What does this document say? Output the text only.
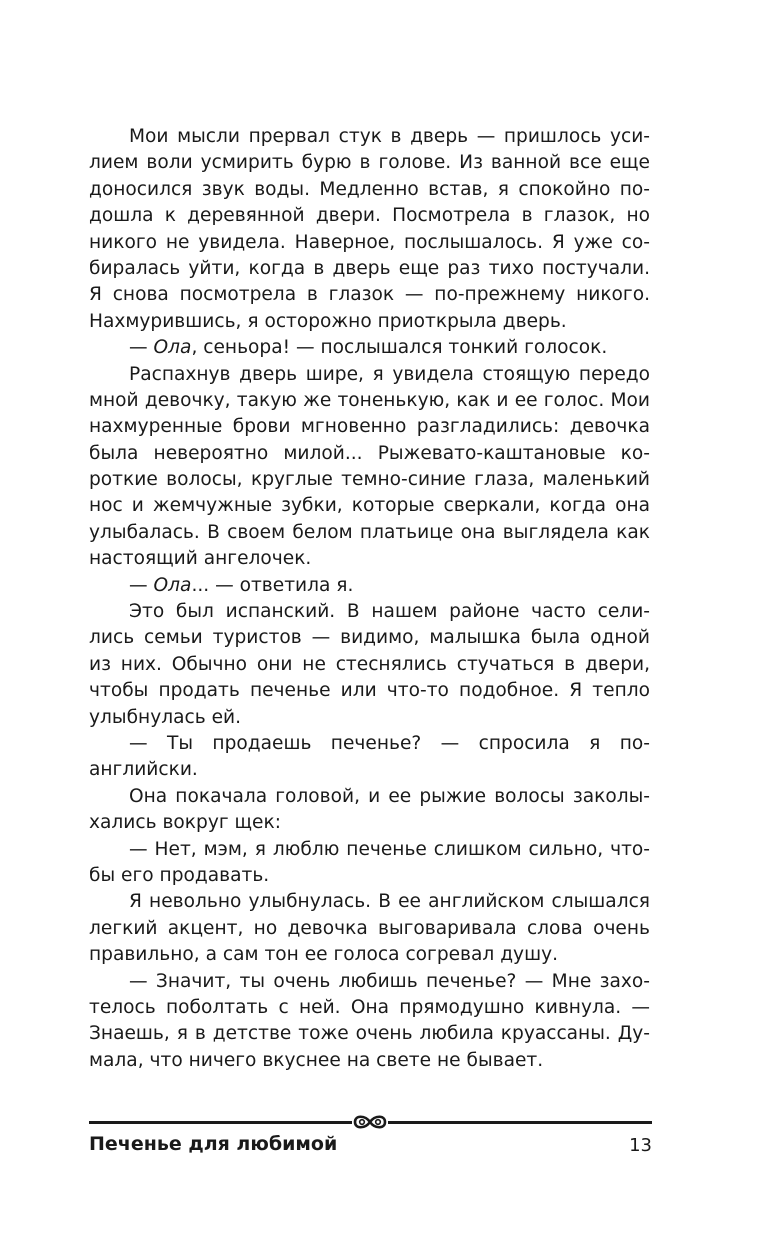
Мои мысли прервал стук в дверь — пришлось уси-
лием воли усмирить бурю в голове. Из ванной все еще
доносился звук воды. Медленно встав, я спокойно по-
дошла к деревянной двери. Посмотрела в глазок, но
никого не увидела. Наверное, послышалось. Я уже со-
биралась уйти, когда в дверь еще раз тихо постучали.
Я снова посмотрела в глазок — по-прежнему никого.
Нахмурившись, я осторожно приоткрыла дверь.
— Ола, сеньора! — послышался тонкий голосок.
Распахнув дверь шире, я увидела стоящую передо
мной девочку, такую же тоненькую, как и ее голос. Мои
нахмуренные брови мгновенно разгладились: девочка
была невероятно милой... Рыжевато-каштановые ко-
роткие волосы, круглые темно-синие глаза, маленький
нос и жемчужные зубки, которые сверкали, когда она
улыбалась. В своем белом платьице она выглядела как
настоящий ангелочек.
— Ола... — ответила я.
Это был испанский. В нашем районе часто сели-
лись семьи туристов — видимо, малышка была одной
из них. Обычно они не стеснялись стучаться в двери,
чтобы продать печенье или что-то подобное. Я тепло
улыбнулась ей.
— Ты продаешь печенье? — спросила я по-
английски.
Она покачала головой, и ее рыжие волосы заколы-
хались вокруг щек:
— Нет, мэм, я люблю печенье слишком сильно, что-
бы его продавать.
Я невольно улыбнулась. В ее английском слышался
легкий акцент, но девочка выговаривала слова очень
правильно, а сам тон ее голоса согревал душу.
— Значит, ты очень любишь печенье? — Мне захо-
телось поболтать с ней. Она прямодушно кивнула. —
Знаешь, я в детстве тоже очень любила круассаны. Ду-
мала, что ничего вкуснее на свете не бывает.
Печенье для любимой	13
